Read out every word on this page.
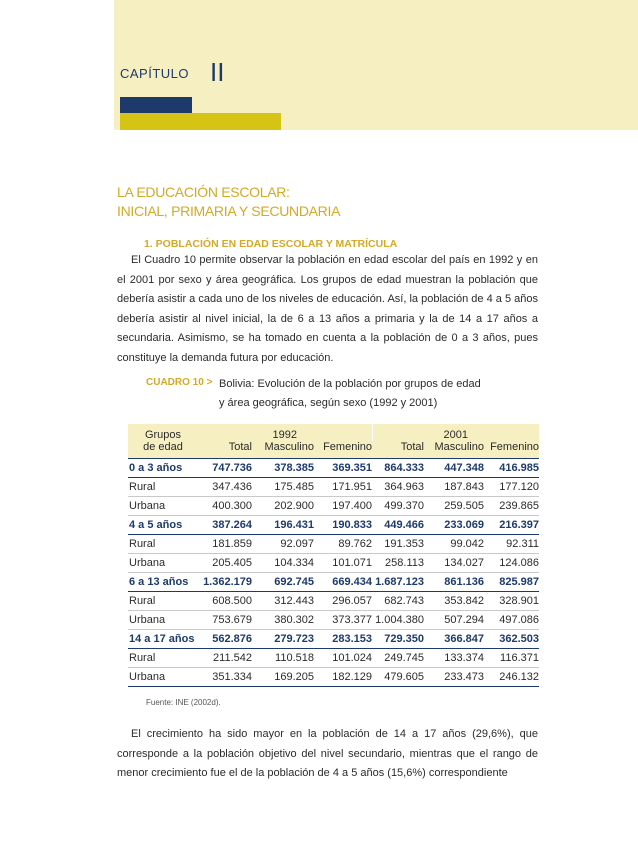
CAPÍTULO II
LA EDUCACIÓN ESCOLAR:
INICIAL, PRIMARIA Y SECUNDARIA
1. POBLACIÓN EN EDAD ESCOLAR Y MATRÍCULA

El Cuadro 10 permite observar la población en edad escolar del país en 1992 y en el 2001 por sexo y área geográfica. Los grupos de edad muestran la población que debería asistir a cada uno de los niveles de educación. Así, la población de 4 a 5 años debería asistir al nivel inicial, la de 6 a 13 años a primaria y la de 14 a 17 años a secundaria. Asimismo, se ha tomado en cuenta a la población de 0 a 3 años, pues constituye la demanda futura por educación.

CUADRO 10 > Bolivia: Evolución de la población por grupos de edad
y área geográfica, según sexo (1992 y 2001)
Grupos	1992			2001		
de edad	Total	Masculino	Femenino	Total	Masculino	Femenino
0 a 3 años	747.736	378.385	369.351	864.333	447.348	416.985
Rural	347.436	175.485	171.951	364.963	187.843	177.120
Urbana	400.300	202.900	197.400	499.370	259.505	239.865
4 a 5 años	387.264	196.431	190.833	449.466	233.069	216.397
Rural	181.859	92.097	89.762	191.353	99.042	92.311
Urbana	205.405	104.334	101.071	258.113	134.027	124.086
6 a 13 años	1.362.179	692.745	669.434	1.687.123	861.136	825.987
Rural	608.500	312.443	296.057	682.743	353.842	328.901
Urbana	753.679	380.302	373.377	1.004.380	507.294	497.086
14 a 17 años	562.876	279.723	283.153	729.350	366.847	362.503
Rural	211.542	110.518	101.024	249.745	133.374	116.371
Urbana	351.334	169.205	182.129	479.605	233.473	246.132
Fuente: INE (2002d).

El crecimiento ha sido mayor en la población de 14 a 17 años (29,6%), que corresponde a la población objetivo del nivel secundario, mientras que el rango de menor crecimiento fue el de la población de 4 a 5 años (15,6%) correspondiente
